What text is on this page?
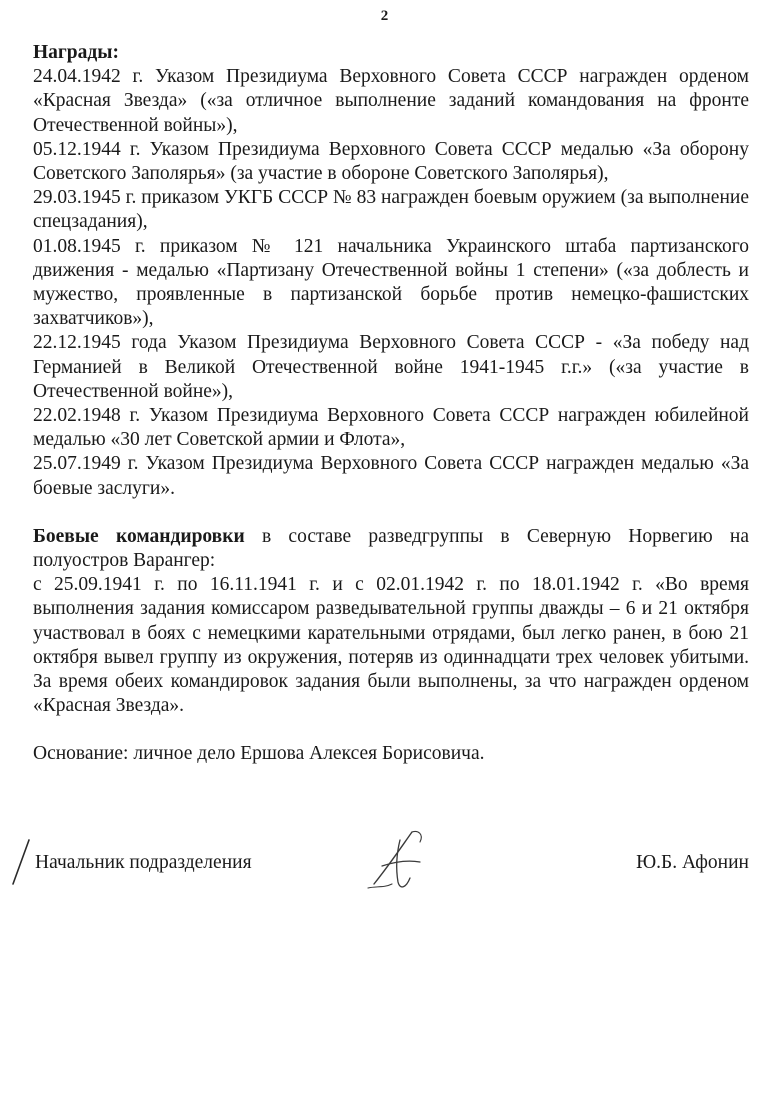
2
Награды:
24.04.1942 г. Указом Президиума Верховного Совета СССР награжден орденом «Красная Звезда» («за отличное выполнение заданий командования на фронте Отечественной войны»),
05.12.1944 г. Указом Президиума Верховного Совета СССР медалью «За оборону Советского Заполярья» (за участие в обороне Советского Заполярья),
29.03.1945 г. приказом УКГБ СССР № 83 награжден боевым оружием (за выполнение спецзадания),
01.08.1945 г. приказом № 121 начальника Украинского штаба партизанского движения - медалью «Партизану Отечественной войны 1 степени» («за доблесть и мужество, проявленные в партизанской борьбе против немецко-фашистских захватчиков»),
22.12.1945 года Указом Президиума Верховного Совета СССР - «За победу над Германией в Великой Отечественной войне 1941-1945 г.г.» («за участие в Отечественной войне»),
22.02.1948 г. Указом Президиума Верховного Совета СССР награжден юбилейной медалью «30 лет Советской армии и Флота»,
25.07.1949 г. Указом Президиума Верховного Совета СССР награжден медалью «За боевые заслуги».
Боевые командировки в составе разведгруппы в Северную Норвегию на полуостров Варангер:
с 25.09.1941 г. по 16.11.1941 г. и с 02.01.1942 г. по 18.01.1942 г. «Во время выполнения задания комиссаром разведывательной группы дважды – 6 и 21 октября участвовал в боях с немецкими карательными отрядами, был легко ранен, в бою 21 октября вывел группу из окружения, потеряв из одиннадцати трех человек убитыми. За время обеих командировок задания были выполнены, за что награжден орденом «Красная Звезда».
Основание: личное дело Ершова Алексея Борисовича.
Начальник подразделения	Ю.Б. Афонин
